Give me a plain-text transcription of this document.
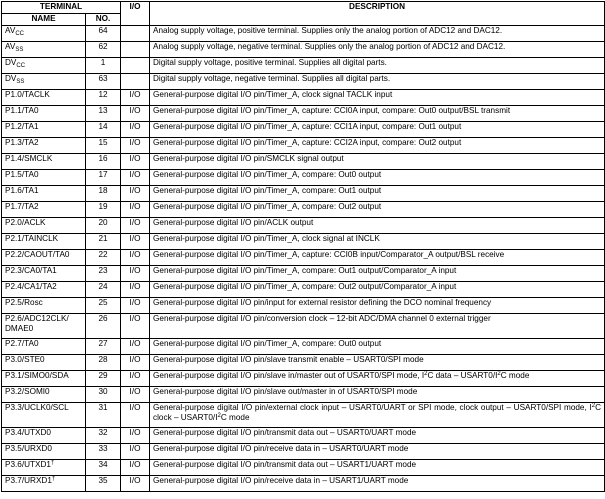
TERMINAL		I/O	DESCRIPTION
NAME	NO.		
$AV_{CC}$	64		Analog supply voltage, positive terminal. Supplies only the analog portion of ADC12 and DAC12.
$AV_{SS}$	62		Analog supply voltage, negative terminal. Supplies only the analog portion of ADC12 and DAC12.
$DV_{CC}$	1		Digital supply voltage, positive terminal. Supplies all digital parts.
$DV_{SS}$	63		Digital supply voltage, negative terminal. Supplies all digital parts.
P1.0/TACLK	12	I/O	General-purpose digital I/O pin/Timer_A, clock signal TACLK input
P1.1/TA0	13	I/O	General-purpose digital I/O pin/Timer_A, capture: CCI0A input, compare: Out0 output/BSL transmit
P1.2/TA1	14	I/O	General-purpose digital I/O pin/Timer_A, capture: CCI1A input, compare: Out1 output
P1.3/TA2	15	I/O	General-purpose digital I/O pin/Timer_A, capture: CCI2A input, compare: Out2 output
P1.4/SMCLK	16	I/O	General-purpose digital I/O pin/SMCLK signal output
P1.5/TA0	17	I/O	General-purpose digital I/O pin/Timer_A, compare: Out0 output
P1.6/TA1	18	I/O	General-purpose digital I/O pin/Timer_A, compare: Out1 output
P1.7/TA2	19	I/O	General-purpose digital I/O pin/Timer_A, compare: Out2 output
P2.0/ACLK	20	I/O	General-purpose digital I/O pin/ACLK output
P2.1/TAINCLK	21	I/O	General-purpose digital I/O pin/Timer_A, clock signal at INCLK
P2.2/CAOUT/TA0	22	I/O	General-purpose digital I/O pin/Timer_A, capture: CCI0B input/Comparator_A output/BSL receive
P2.3/CA0/TA1	23	I/O	General-purpose digital I/O pin/Timer_A, compare: Out1 output/Comparator_A input
P2.4/CA1/TA2	24	I/O	General-purpose digital I/O pin/Timer_A, compare: Out2 output/Comparator_A input
P2.5/Rosc	25	I/O	General-purpose digital I/O pin/input for external resistor defining the DCO nominal frequency
P2.6/ADC12CLK/
DMAE0	26	I/O	General-purpose digital I/O pin/conversion clock – 12-bit ADC/DMA channel 0 external trigger
P2.7/TA0	27	I/O	General-purpose digital I/O pin/Timer_A, compare: Out0 output
P3.0/STE0	28	I/O	General-purpose digital I/O pin/slave transmit enable – USART0/SPI mode
P3.1/SIMO0/SDA	29	I/O	General-purpose digital I/O pin/slave in/master out of USART0/SPI mode, $I^2C$ data – $USART0/I^2C$ mode
P3.2/SOMI0	30	I/O	General-purpose digital I/O pin/slave out/master in of USART0/SPI mode
P3.3/UCLK0/SCL	31	I/O	General-purpose digital I/O pin/external clock input – USART0/UART or SPI mode, clock output – USART0/SPI mode, $I^2C$ clock – $USART0/I^2C$ mode
P3.4/UTXD0	32	I/O	General-purpose digital I/O pin/transmit data out – USART0/UART mode
P3.5/URXD0	33	I/O	General-purpose digital I/O pin/receive data in – USART0/UART mode
P3.6/UTXD1†	34	I/O	General-purpose digital I/O pin/transmit data out – USART1/UART mode
P3.7/URXD1†	35	I/O	General-purpose digital I/O pin/receive data in – USART1/UART mode
